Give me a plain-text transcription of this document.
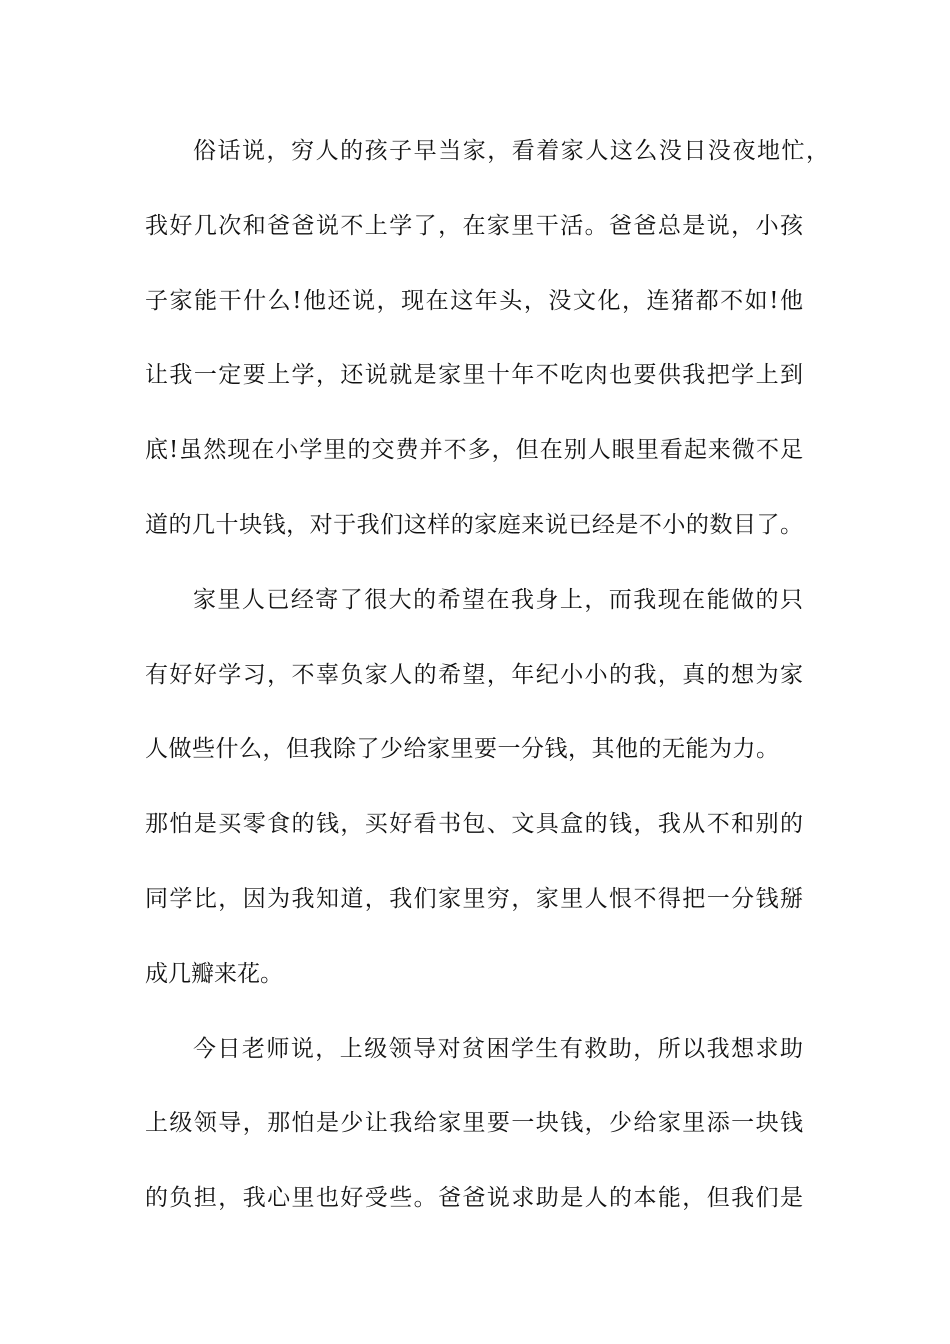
俗话说，穷人的孩子早当家，看着家人这么没日没夜地忙，
我好几次和爸爸说不上学了，在家里干活。爸爸总是说，小孩
子家能干什么!他还说，现在这年头，没文化，连猪都不如!他
让我一定要上学，还说就是家里十年不吃肉也要供我把学上到
底!虽然现在小学里的交费并不多，但在别人眼里看起来微不足
道的几十块钱，对于我们这样的家庭来说已经是不小的数目了。
家里人已经寄了很大的希望在我身上，而我现在能做的只
有好好学习，不辜负家人的希望，年纪小小的我，真的想为家
人做些什么，但我除了少给家里要一分钱，其他的无能为力。
那怕是买零食的钱，买好看书包、文具盒的钱，我从不和别的
同学比，因为我知道，我们家里穷，家里人恨不得把一分钱掰
成几瓣来花。
今日老师说，上级领导对贫困学生有救助，所以我想求助
上级领导，那怕是少让我给家里要一块钱，少给家里添一块钱
的负担，我心里也好受些。爸爸说求助是人的本能，但我们是
